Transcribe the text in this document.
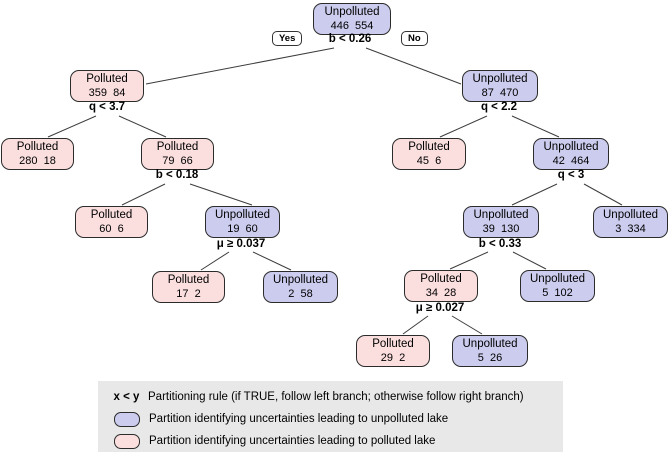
Yes	No
Unpolluted
446  554
b < 0.26
Polluted
359  84
q < 3.7
Unpolluted
87  470
q < 2.2
Polluted
280  18
Polluted
79  66
b < 0.18
Polluted
45  6
Unpolluted
42  464
q < 3
Polluted
60  6
Unpolluted
19  60
μ ≥ 0.037
Unpolluted
39  130
b < 0.33
Unpolluted
3  334
Polluted
17  2
Unpolluted
2  58
Polluted
34  28
μ ≥ 0.027
Unpolluted
5  102
Polluted
29  2
Unpolluted
5  26
x < y Partitioning rule (if TRUE, follow left branch; otherwise follow right branch)
Partition identifying uncertainties leading to unpolluted lake
Partition identifying uncertainties leading to polluted lake
